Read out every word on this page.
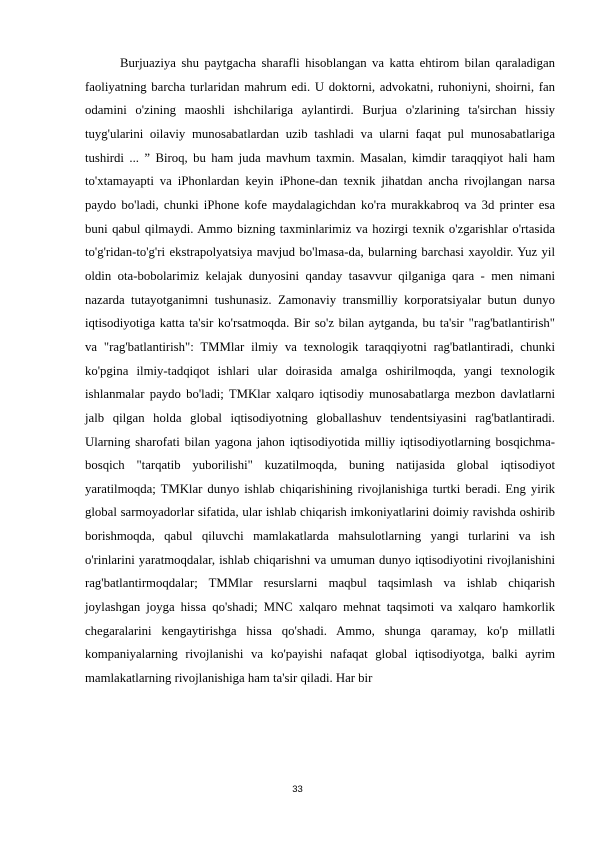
Burjuaziya shu paytgacha sharafli hisoblangan va katta ehtirom bilan qaraladigan faoliyatning barcha turlaridan mahrum edi. U doktorni, advokatni, ruhoniyni, shoirni, fan odamini o'zining maoshli ishchilariga aylantirdi. Burjua o'zlarining ta'sirchan hissiy tuyg'ularini oilaviy munosabatlardan uzib tashladi va ularni faqat pul munosabatlariga tushirdi ... ” Biroq, bu ham juda mavhum taxmin. Masalan, kimdir taraqqiyot hali ham to'xtamayapti va iPhonlardan keyin iPhone-dan texnik jihatdan ancha rivojlangan narsa paydo bo'ladi, chunki iPhone kofe maydalagichdan ko'ra murakkabroq va 3d printer esa buni qabul qilmaydi. Ammo bizning taxminlarimiz va hozirgi texnik o'zgarishlar o'rtasida to'g'ridan-to'g'ri ekstrapolyatsiya mavjud bo'lmasa-da, bularning barchasi xayoldir. Yuz yil oldin ota-bobolarimiz kelajak dunyosini qanday tasavvur qilganiga qara - men nimani nazarda tutayotganimni tushunasiz. Zamonaviy transmilliy korporatsiyalar butun dunyo iqtisodiyotiga katta ta'sir ko'rsatmoqda. Bir so'z bilan aytganda, bu ta'sir "rag'batlantirish" va "rag'batlantirish": TMMlar ilmiy va texnologik taraqqiyotni rag'batlantiradi, chunki ko'pgina ilmiy-tadqiqot ishlari ular doirasida amalga oshirilmoqda, yangi texnologik ishlanmalar paydo bo'ladi; TMKlar xalqaro iqtisodiy munosabatlarga mezbon davlatlarni jalb qilgan holda global iqtisodiyotning globallashuv tendentsiyasini rag'batlantiradi. Ularning sharofati bilan yagona jahon iqtisodiyotida milliy iqtisodiyotlarning bosqichma-bosqich "tarqatib yuborilishi" kuzatilmoqda, buning natijasida global iqtisodiyot yaratilmoqda; TMKlar dunyo ishlab chiqarishining rivojlanishiga turtki beradi. Eng yirik global sarmoyadorlar sifatida, ular ishlab chiqarish imkoniyatlarini doimiy ravishda oshirib borishmoqda, qabul qiluvchi mamlakatlarda mahsulotlarning yangi turlarini va ish o'rinlarini yaratmoqdalar, ishlab chiqarishni va umuman dunyo iqtisodiyotini rivojlanishini rag'batlantirmoqdalar; TMMlar resurslarni maqbul taqsimlash va ishlab chiqarish joylashgan joyga hissa qo'shadi; MNC xalqaro mehnat taqsimoti va xalqaro hamkorlik chegaralarini kengaytirishga hissa qo'shadi. Ammo, shunga qaramay, ko'p millatli kompaniyalarning rivojlanishi va ko'payishi nafaqat global iqtisodiyotga, balki ayrim mamlakatlarning rivojlanishiga ham ta'sir qiladi. Har bir

33
